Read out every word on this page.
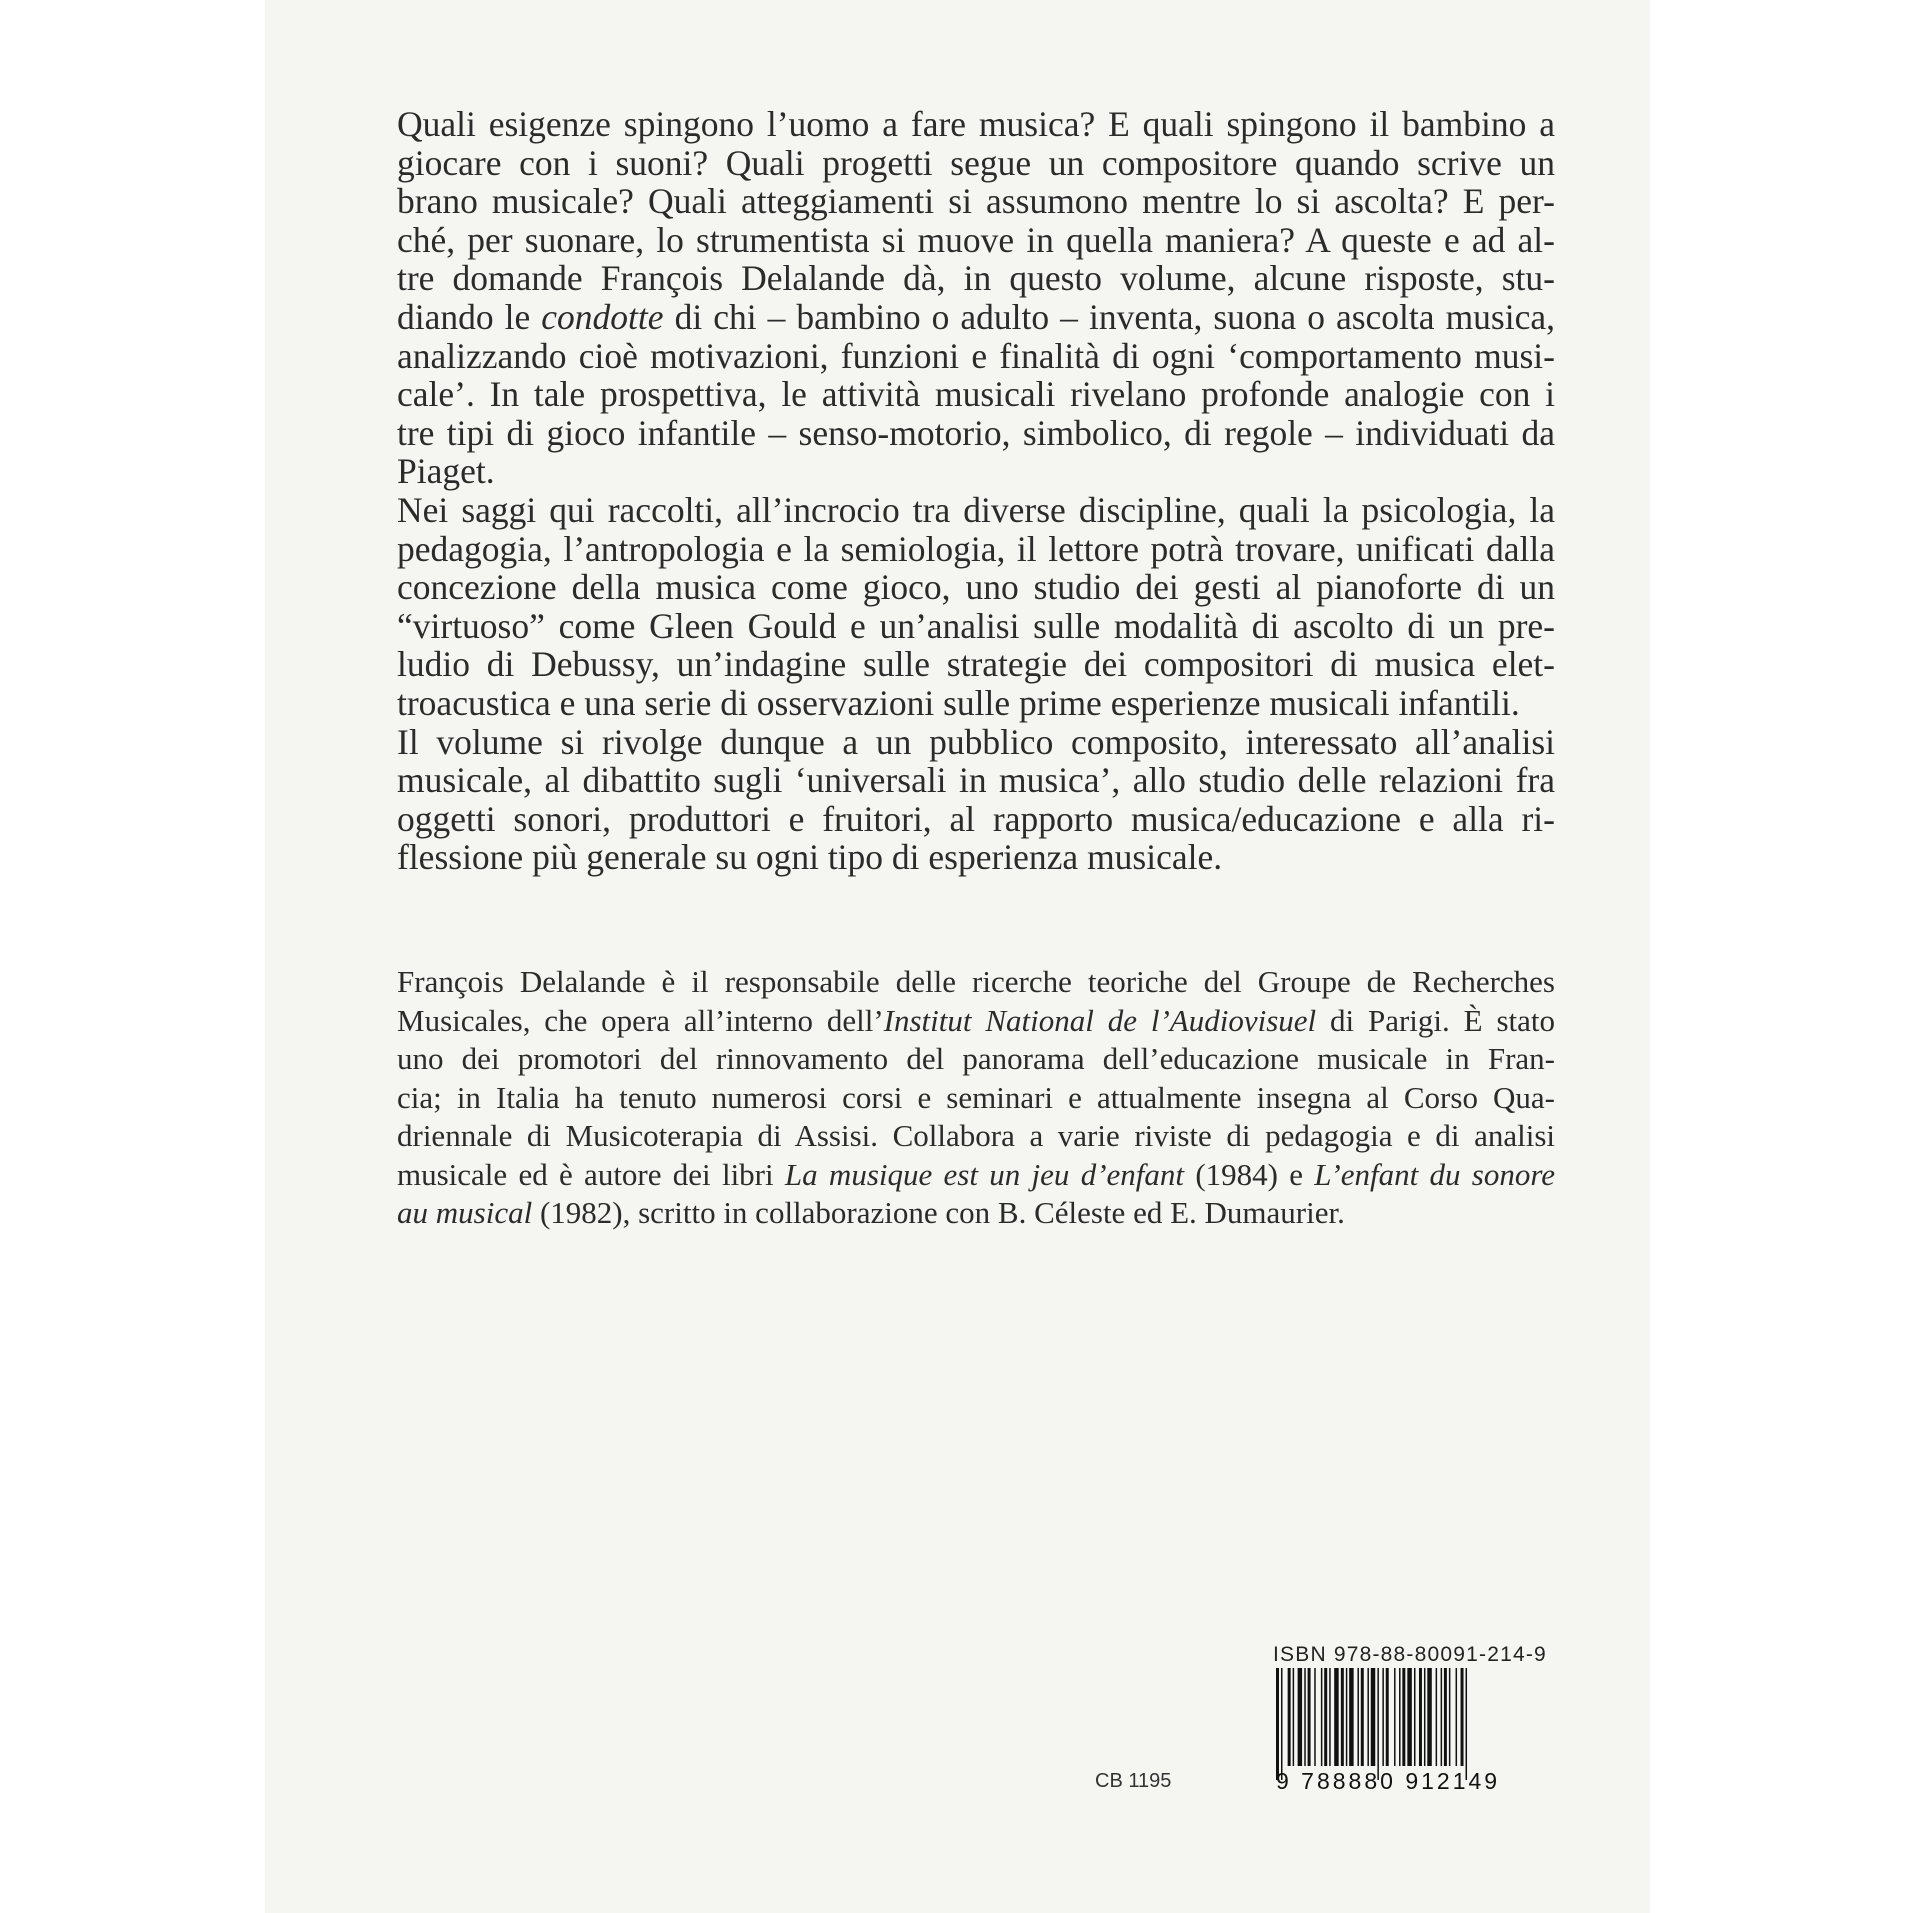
Quali esigenze spingono l’uomo a fare musica? E quali spingono il bambino a
giocare con i suoni? Quali progetti segue un compositore quando scrive un
brano musicale? Quali atteggiamenti si assumono mentre lo si ascolta? E per-
ché, per suonare, lo strumentista si muove in quella maniera? A queste e ad al-
tre domande François Delalande dà, in questo volume, alcune risposte, stu-
diando le condotte di chi – bambino o adulto – inventa, suona o ascolta musica,
analizzando cioè motivazioni, funzioni e finalità di ogni ‘comportamento musi-
cale’. In tale prospettiva, le attività musicali rivelano profonde analogie con i
tre tipi di gioco infantile – senso-motorio, simbolico, di regole – individuati da
Piaget.
Nei saggi qui raccolti, all’incrocio tra diverse discipline, quali la psicologia, la
pedagogia, l’antropologia e la semiologia, il lettore potrà trovare, unificati dalla
concezione della musica come gioco, uno studio dei gesti al pianoforte di un
“virtuoso” come Gleen Gould e un’analisi sulle modalità di ascolto di un pre-
ludio di Debussy, un’indagine sulle strategie dei compositori di musica elet-
troacustica e una serie di osservazioni sulle prime esperienze musicali infantili.
Il volume si rivolge dunque a un pubblico composito, interessato all’analisi
musicale, al dibattito sugli ‘universali in musica’, allo studio delle relazioni fra
oggetti sonori, produttori e fruitori, al rapporto musica/educazione e alla ri-
flessione più generale su ogni tipo di esperienza musicale.
François Delalande è il responsabile delle ricerche teoriche del Groupe de Recherches
Musicales, che opera all’interno dell’Institut National de l’Audiovisuel di Parigi. È stato
uno dei promotori del rinnovamento del panorama dell’educazione musicale in Fran-
cia; in Italia ha tenuto numerosi corsi e seminari e attualmente insegna al Corso Qua-
driennale di Musicoterapia di Assisi. Collabora a varie riviste di pedagogia e di analisi
musicale ed è autore dei libri La musique est un jeu d’enfant (1984) e L’enfant du sonore
au musical (1982), scritto in collaborazione con B. Céleste ed E. Dumaurier.
CB 1195
ISBN 978-88-80091-214-9
9 788880 912149
